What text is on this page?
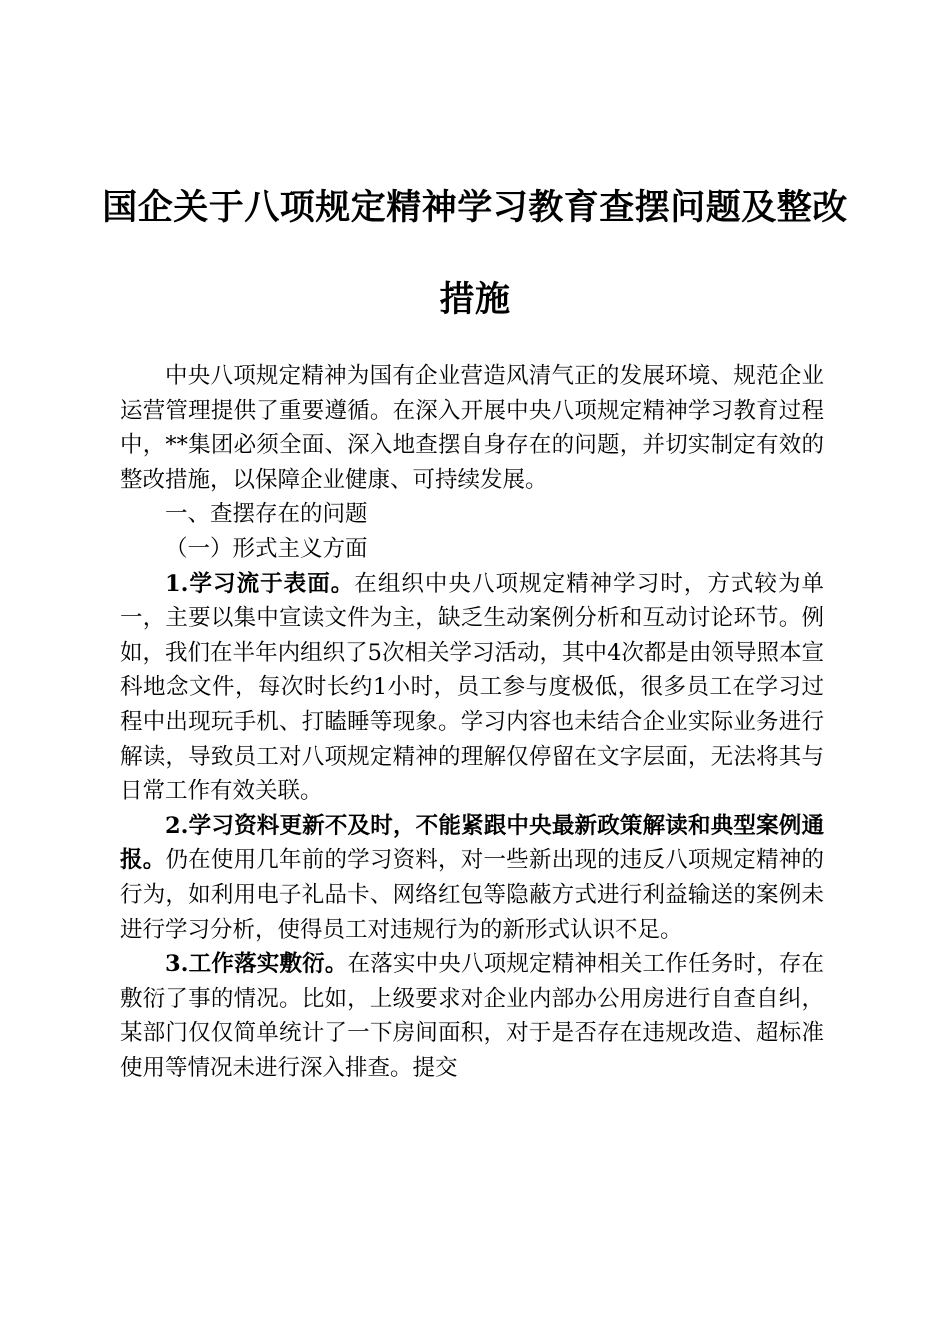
国企关于八项规定精神学习教育查摆问题及整改措施

中央八项规定精神为国有企业营造风清气正的发展环境、规范企业运营管理提供了重要遵循。在深入开展中央八项规定精神学习教育过程中，**集团必须全面、深入地查摆自身存在的问题，并切实制定有效的整改措施，以保障企业健康、可持续发展。

一、查摆存在的问题

（一）形式主义方面

1.学习流于表面。在组织中央八项规定精神学习时，方式较为单一，主要以集中宣读文件为主，缺乏生动案例分析和互动讨论环节。例如，我们在半年内组织了5次相关学习活动，其中4次都是由领导照本宣科地念文件，每次时长约1小时，员工参与度极低，很多员工在学习过程中出现玩手机、打瞌睡等现象。学习内容也未结合企业实际业务进行解读，导致员工对八项规定精神的理解仅停留在文字层面，无法将其与日常工作有效关联。

2.学习资料更新不及时，不能紧跟中央最新政策解读和典型案例通报。仍在使用几年前的学习资料，对一些新出现的违反八项规定精神的行为，如利用电子礼品卡、网络红包等隐蔽方式进行利益输送的案例未进行学习分析，使得员工对违规行为的新形式认识不足。

3.工作落实敷衍。在落实中央八项规定精神相关工作任务时，存在敷衍了事的情况。比如，上级要求对企业内部办公用房进行自查自纠，某部门仅仅简单统计了一下房间面积，对于是否存在违规改造、超标准使用等情况未进行深入排查。提交
